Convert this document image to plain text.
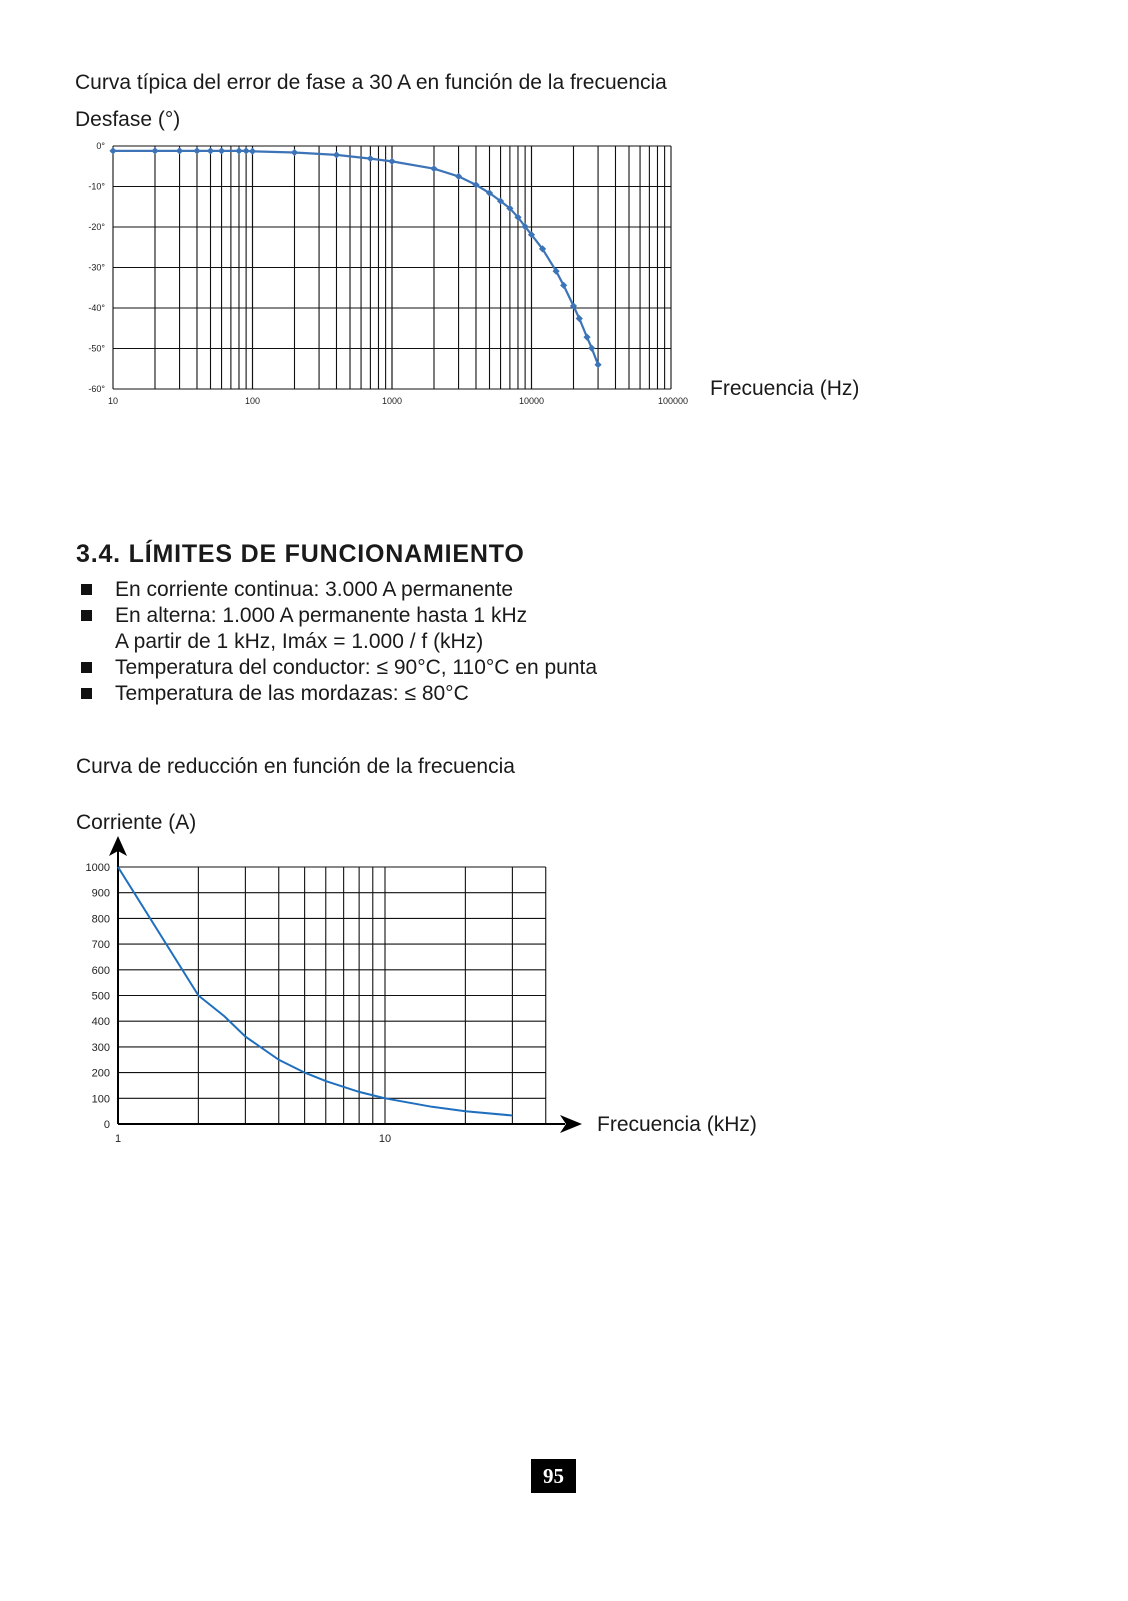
Curva típica del error de fase a 30 A en función de la frecuencia
Desfase (°)
Frecuencia (Hz)
0°
-10°
-20°
-30°
-40°
-50°
-60°
10	100	1000	10000	100000
3.4. LÍMITES DE FUNCIONAMIENTO
En corriente continua: 3.000 A permanente
En alterna: 1.000 A permanente hasta 1 kHz
A partir de 1 kHz, Imáx = 1.000 / f (kHz)
Temperatura del conductor: ≤ 90°C, 110°C en punta
Temperatura de las mordazas: ≤ 80°C
Curva de reducción en función de la frecuencia
Corriente (A)
Frecuencia (kHz)
1000
900
800
700
600
500
400
300
200
100
0
1	10
95
